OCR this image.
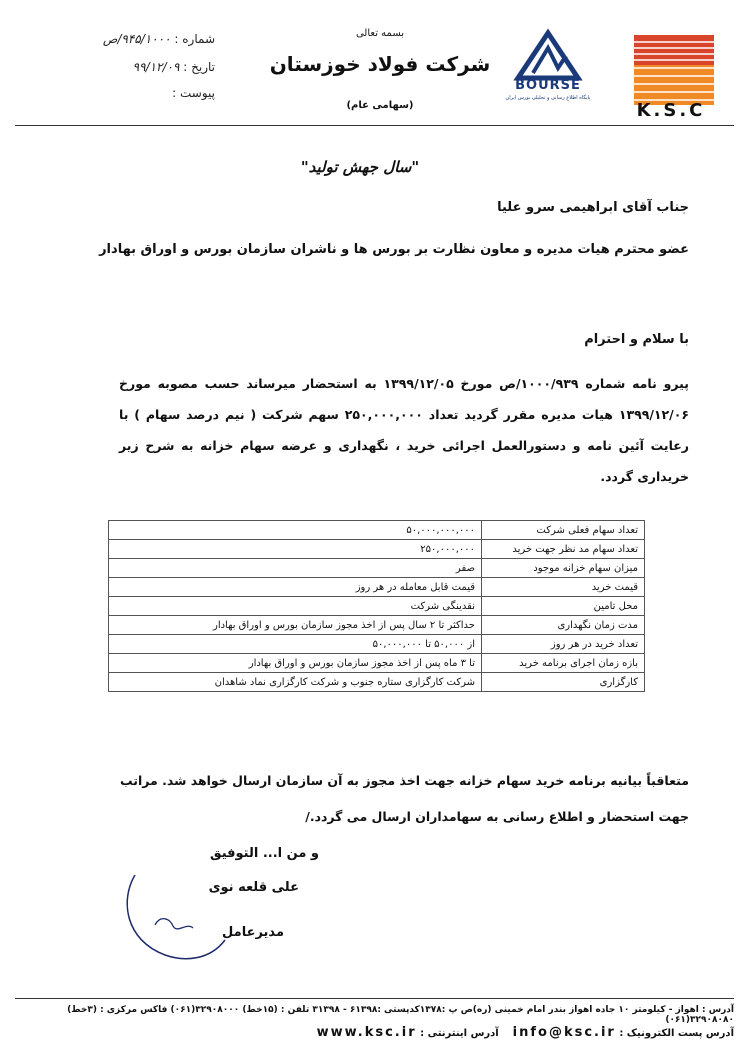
بسمه تعالی
شرکت فولاد خوزستان
(سهامی عام)
شماره : ۹۴۵/۱۰۰۰/ص
تاریخ : ۹۹/۱۲/۰۹
پیوست :
K.S.C
BOURSE
پایگاه اطلاع رسانی و تحلیلی بورس ایران
"سال جهش تولید"
جناب آقای ابراهیمی سرو علیا
عضو محترم هیات مدیره و معاون نظارت بر بورس ها و ناشران سازمان بورس و اوراق بهادار
با سلام و احترام
پیرو نامه شماره ۱۰۰۰/۹۳۹/ص مورخ ۱۳۹۹/۱۲/۰۵ به استحضار میرساند حسب مصوبه مورخ ۱۳۹۹/۱۲/۰۶ هیات مدیره مقرر گردید تعداد ۲۵۰,۰۰۰,۰۰۰ سهم شرکت ( نیم درصد سهام ) با رعایت آئین نامه و دستورالعمل اجرائی خرید ، نگهداری و عرضه سهام خزانه به شرح زیر خریداری گردد.
تعداد سهام فعلی شرکت	۵۰,۰۰۰,۰۰۰,۰۰۰
تعداد سهام مد نظر جهت خرید	۲۵۰,۰۰۰,۰۰۰
میزان سهام خزانه موجود	صفر
قیمت خرید	قیمت قابل معامله در هر روز
محل تامین	نقدینگی شرکت
مدت زمان نگهداری	حداکثر تا ۲ سال پس از اخذ مجوز سازمان بورس و اوراق بهادار
تعداد خرید در هر روز	از ۵۰,۰۰۰ تا ۵۰,۰۰۰,۰۰۰
بازه زمان اجرای برنامه خرید	تا ۳ ماه پس از اخذ مجوز سازمان بورس و اوراق بهادار
کارگزاری	شرکت کارگزاری ستاره جنوب و شرکت کارگزاری نماد شاهدان
متعاقباً بیانیه برنامه خرید سهام خزانه جهت اخذ مجوز به آن سازمان ارسال خواهد شد. مراتب جهت استحضار و اطلاع رسانی به سهامداران ارسال می گردد./
و من ا... التوفیق
علی قلعه نوی
مدیرعامل
آدرس : اهواز - کیلومتر ۱۰ جاده اهواز بندر امام خمینی (ره)ص پ :۱۳۷۸کدپستی :۶۱۳۹۸ - ۳۱۳۹۸ تلفن : (۱۵خط) ۳۲۹۰۸۰۰۰(۰۶۱) فاکس مرکزی : (۳خط) ۳۲۹۰۸۰۸۰(۰۶۱)
آدرس پست الکترونیک : info@ksc.ir    آدرس اینترنتی : www.ksc.ir
